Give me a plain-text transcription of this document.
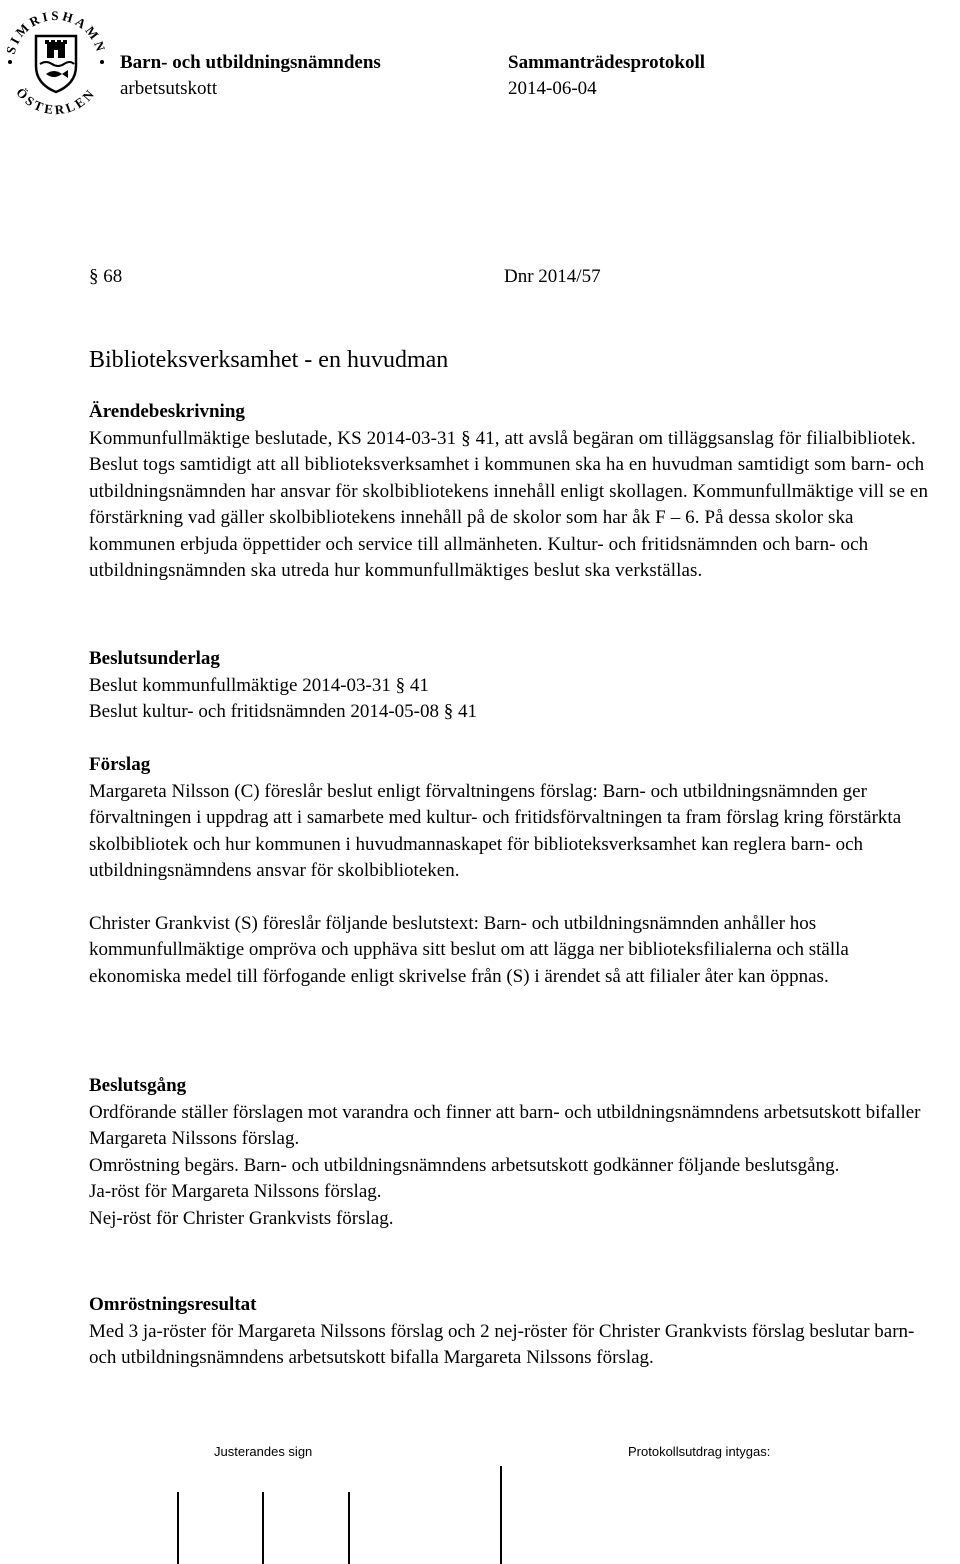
SIMRISHAMN
ÖSTERLEN
Barn- och utbildningsnämndens
arbetsutskott
Sammanträdesprotokoll
2014-06-04
§ 68	Dnr 2014/57
Biblioteksverksamhet - en huvudman
Ärendebeskrivning

Kommunfullmäktige beslutade, KS 2014-03-31 § 41, att avslå begäran om tilläggsanslag för filialbibliotek. Beslut togs samtidigt att all biblioteksverksamhet i kommunen ska ha en huvudman samtidigt som barn- och utbildningsnämnden har ansvar för skolbibliotekens innehåll enligt skollagen. Kommunfullmäktige vill se en förstärkning vad gäller skolbibliotekens innehåll på de skolor som har åk F – 6. På dessa skolor ska kommunen erbjuda öppettider och service till allmänheten. Kultur- och fritidsnämnden och barn- och utbildningsnämnden ska utreda hur kommunfullmäktiges beslut ska verkställas.

Beslutsunderlag
Beslut kommunfullmäktige 2014-03-31 § 41
Beslut kultur- och fritidsnämnden 2014-05-08 § 41
Förslag

Margareta Nilsson (C) föreslår beslut enligt förvaltningens förslag: Barn- och utbildningsnämnden ger förvaltningen i uppdrag att i samarbete med kultur- och fritidsförvaltningen ta fram förslag kring förstärkta skolbibliotek och hur kommunen i huvudmannaskapet för biblioteksverksamhet kan reglera barn- och utbildningsnämndens ansvar för skolbiblioteken.

Christer Grankvist (S) föreslår följande beslutstext: Barn- och utbildningsnämnden anhåller hos kommunfullmäktige ompröva och upphäva sitt beslut om att lägga ner biblioteksfilialerna och ställa ekonomiska medel till förfogande enligt skrivelse från (S) i ärendet så att filialer åter kan öppnas.

Beslutsgång

Ordförande ställer förslagen mot varandra och finner att barn- och utbildningsnämndens arbetsutskott bifaller Margareta Nilssons förslag.

Omröstning begärs. Barn- och utbildningsnämndens arbetsutskott godkänner följande beslutsgång.

Ja-röst för Margareta Nilssons förslag.

Nej-röst för Christer Grankvists förslag.

Omröstningsresultat

Med 3 ja-röster för Margareta Nilssons förslag och 2 nej-röster för Christer Grankvists förslag beslutar barn- och utbildningsnämndens arbetsutskott bifalla Margareta Nilssons förslag.

Justerandes sign	Protokollsutdrag intygas:
